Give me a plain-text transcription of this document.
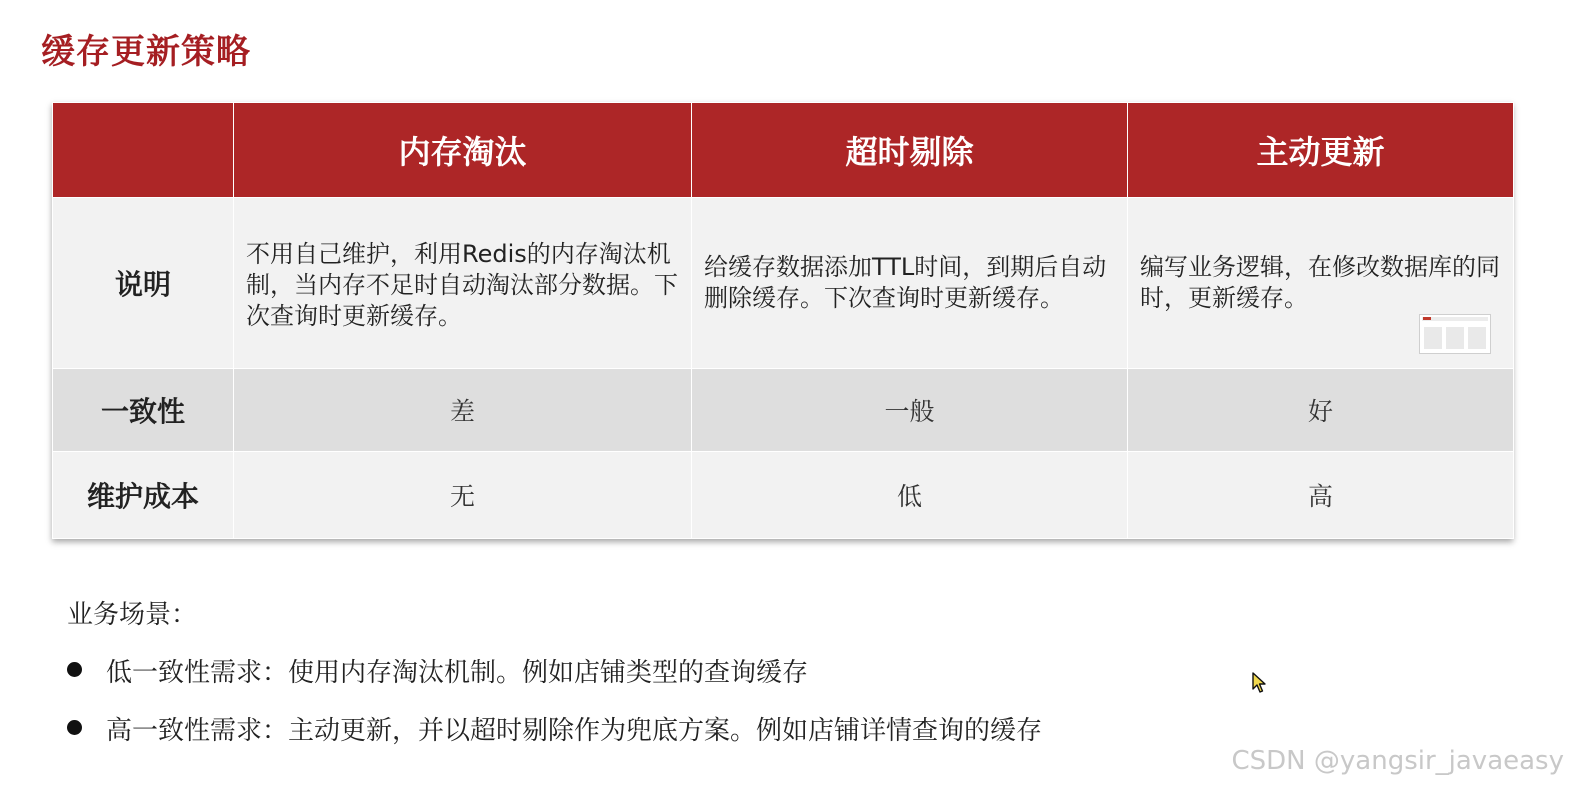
缓存更新策略
	内存淘汰	超时剔除	主动更新
说明	不用自己维护，利用Redis的内存淘汰机制，当内存不足时自动淘汰部分数据。下次查询时更新缓存。	给缓存数据添加TTL时间，到期后自动删除缓存。下次查询时更新缓存。	编写业务逻辑，在修改数据库的同时，更新缓存。

一致性	差	一般	好
维护成本	无	低	高
业务场景：
低一致性需求：使用内存淘汰机制。例如店铺类型的查询缓存
高一致性需求：主动更新，并以超时剔除作为兜底方案。例如店铺详情查询的缓存
CSDN @yangsir_javaeasy
